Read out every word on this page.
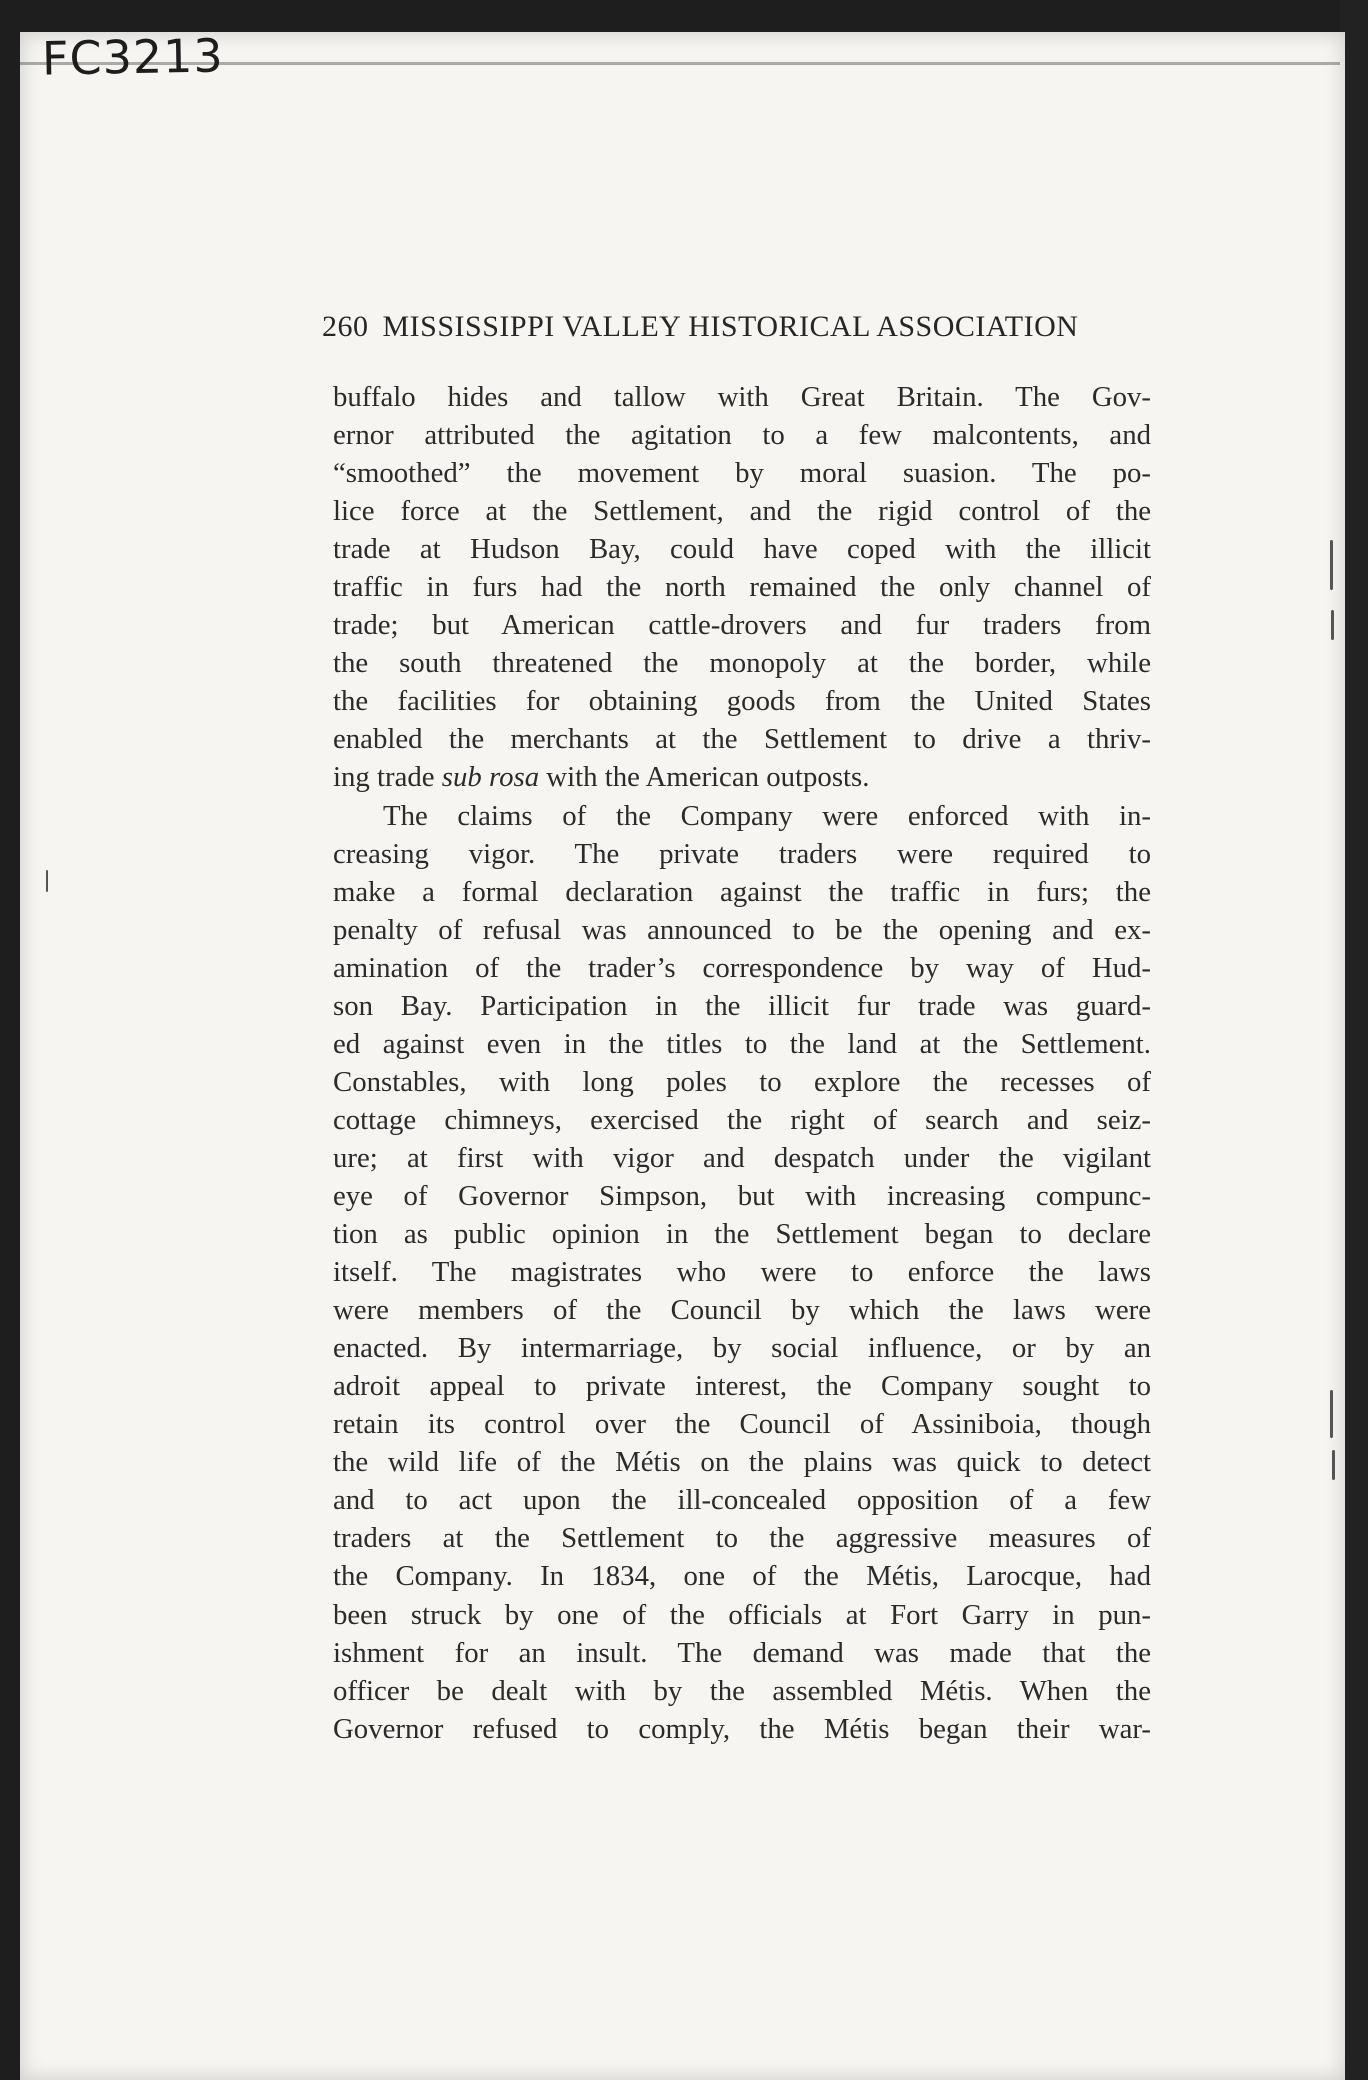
FC3213
260 MISSISSIPPI VALLEY HISTORICAL ASSOCIATION
buffalo hides and tallow with Great Britain. The Gov-
ernor attributed the agitation to a few malcontents, and
“smoothed” the movement by moral suasion. The po-
lice force at the Settlement, and the rigid control of the
trade at Hudson Bay, could have coped with the illicit
traffic in furs had the north remained the only channel of
trade; but American cattle-drovers and fur traders from
the south threatened the monopoly at the border, while
the facilities for obtaining goods from the United States
enabled the merchants at the Settlement to drive a thriv-
ing trade sub rosa with the American outposts.
The claims of the Company were enforced with in-
creasing vigor. The private traders were required to
make a formal declaration against the traffic in furs; the
penalty of refusal was announced to be the opening and ex-
amination of the trader’s correspondence by way of Hud-
son Bay. Participation in the illicit fur trade was guard-
ed against even in the titles to the land at the Settlement.
Constables, with long poles to explore the recesses of
cottage chimneys, exercised the right of search and seiz-
ure; at first with vigor and despatch under the vigilant
eye of Governor Simpson, but with increasing compunc-
tion as public opinion in the Settlement began to declare
itself. The magistrates who were to enforce the laws
were members of the Council by which the laws were
enacted. By intermarriage, by social influence, or by an
adroit appeal to private interest, the Company sought to
retain its control over the Council of Assiniboia, though
the wild life of the Métis on the plains was quick to detect
and to act upon the ill-concealed opposition of a few
traders at the Settlement to the aggressive measures of
the Company. In 1834, one of the Métis, Larocque, had
been struck by one of the officials at Fort Garry in pun-
ishment for an insult. The demand was made that the
officer be dealt with by the assembled Métis. When the
Governor refused to comply, the Métis began their war-
